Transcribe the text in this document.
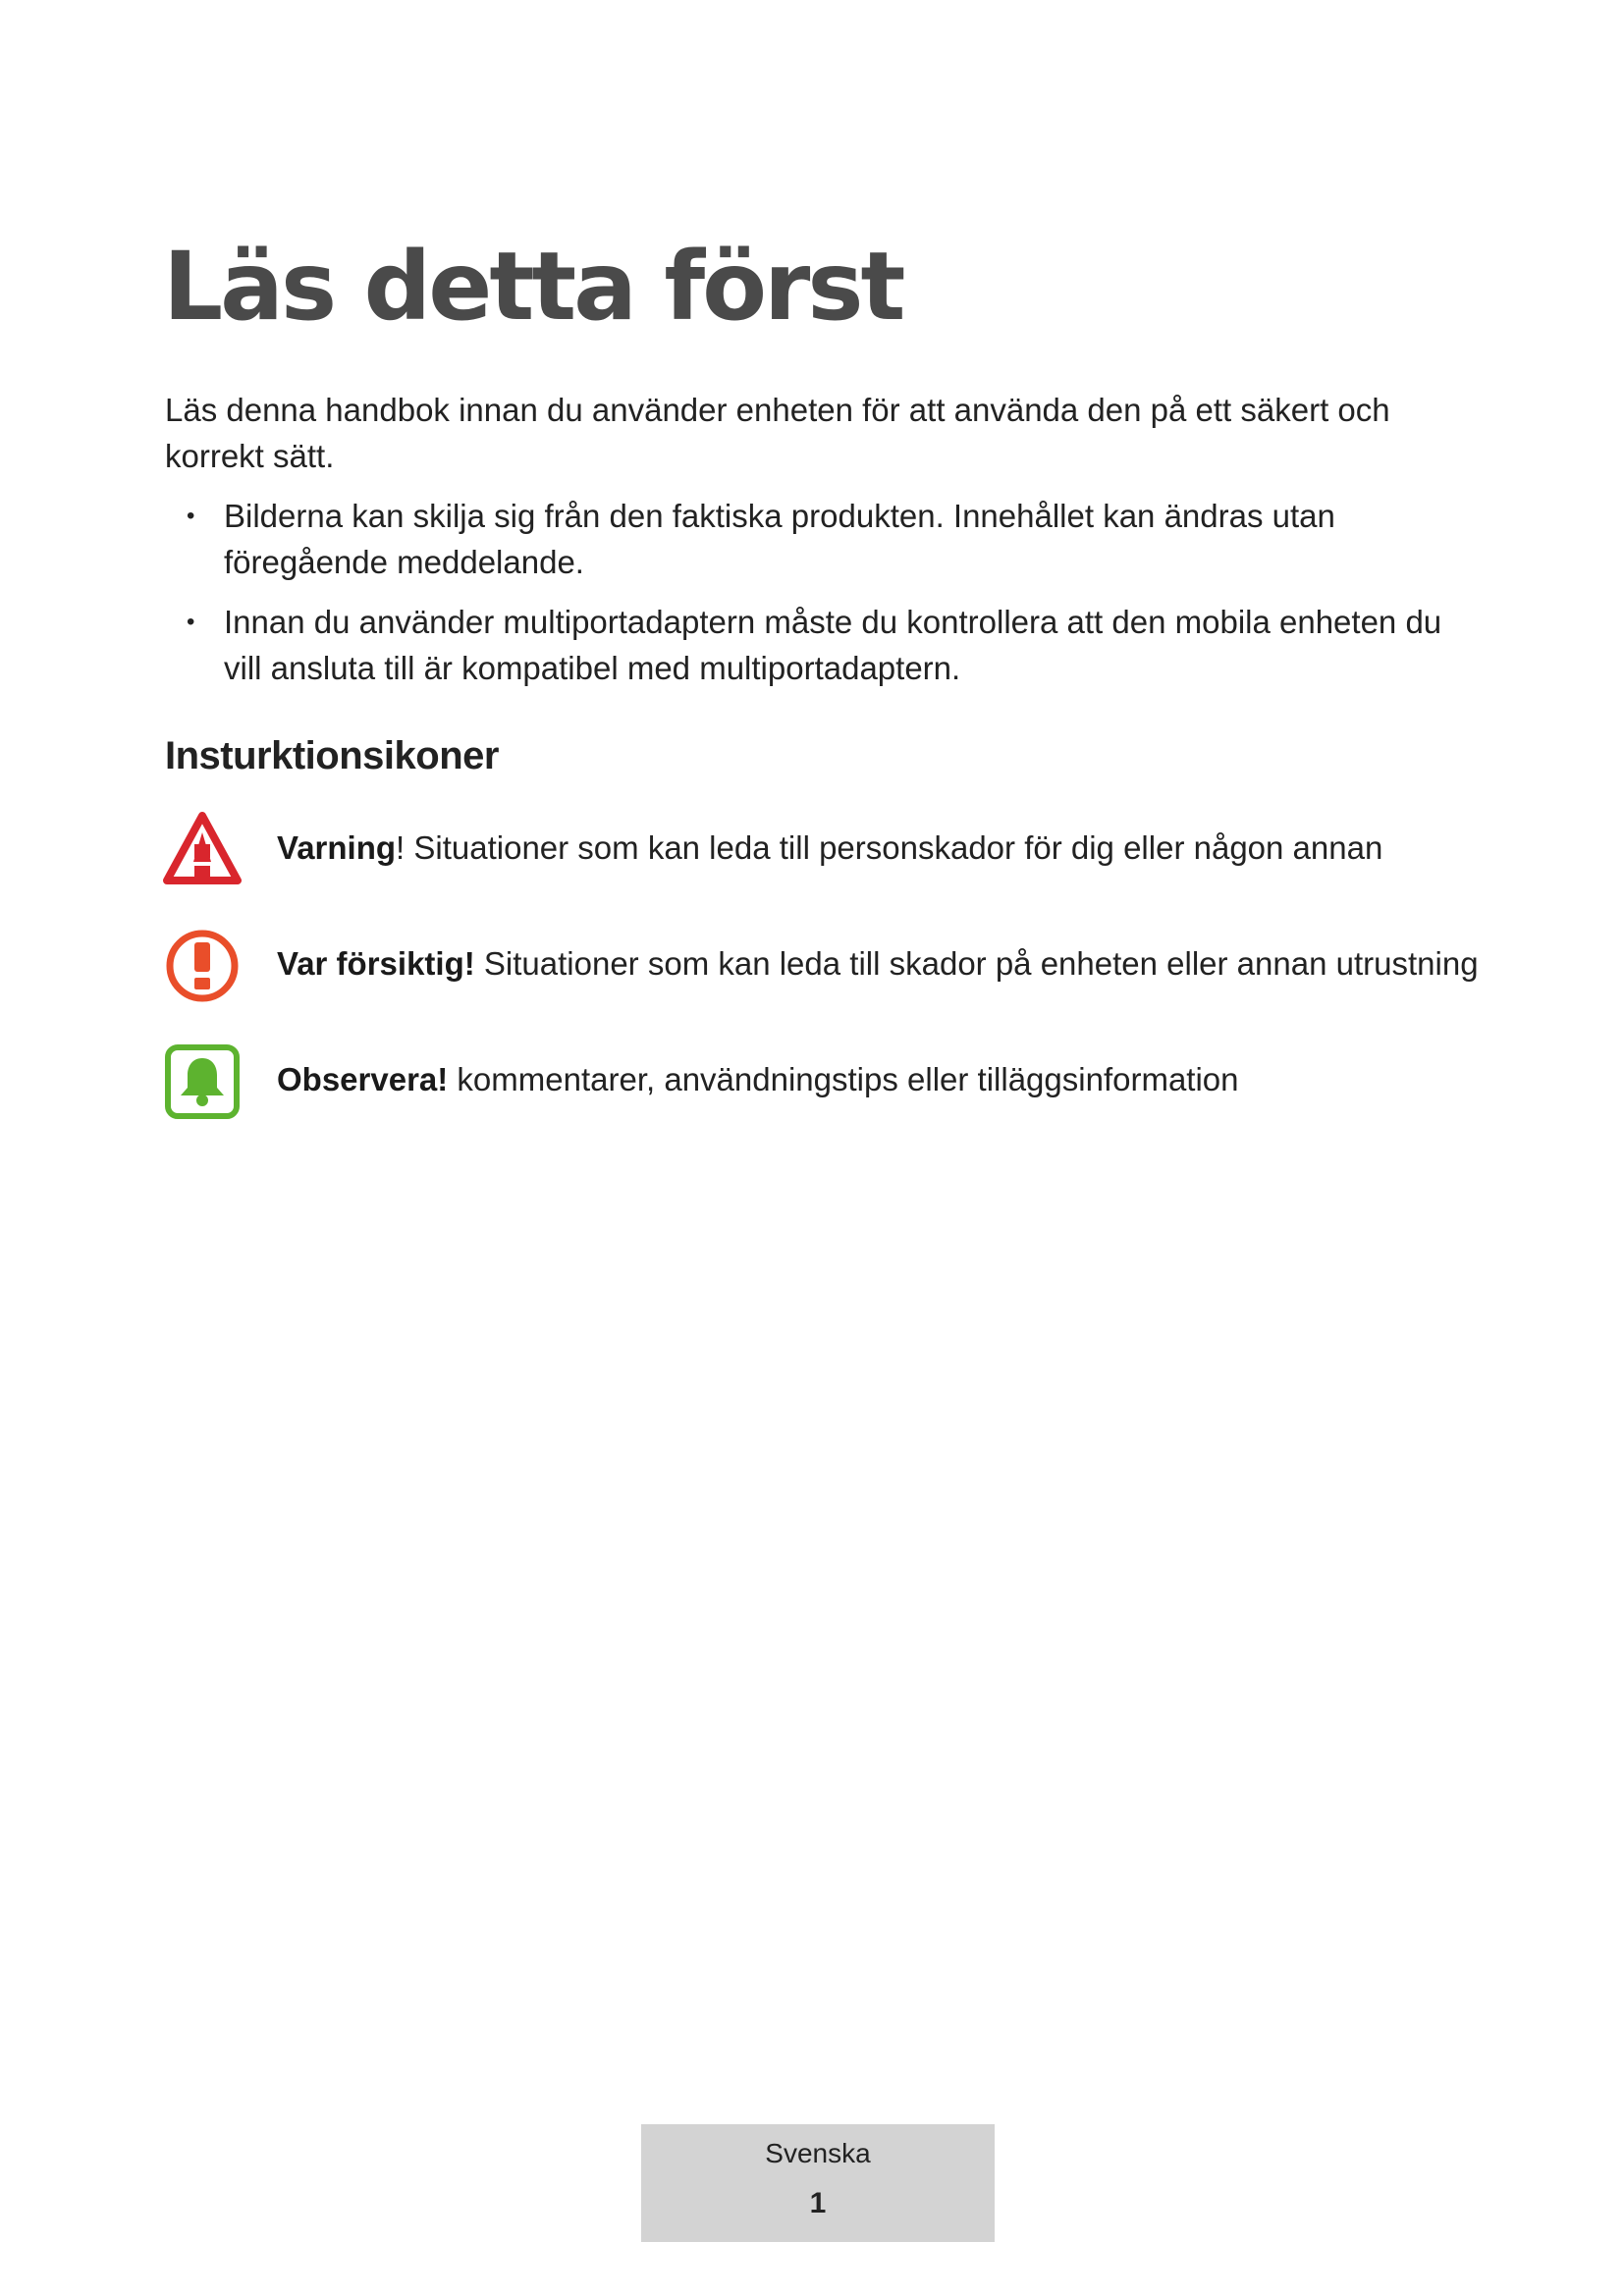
Läs detta först

Läs denna handbok innan du använder enheten för att använda den på ett säkert och korrekt sätt.

• Bilderna kan skilja sig från den faktiska produkten. Innehållet kan ändras utan föregående meddelande.
• Innan du använder multiportadaptern måste du kontrollera att den mobila enheten du vill ansluta till är kompatibel med multiportadaptern.
Insturktionsikoner
Varning! Situationer som kan leda till personskador för dig eller någon annan
Var försiktig! Situationer som kan leda till skador på enheten eller annan utrustning
Observera! kommentarer, användningstips eller tilläggsinformation
Svenska
1
